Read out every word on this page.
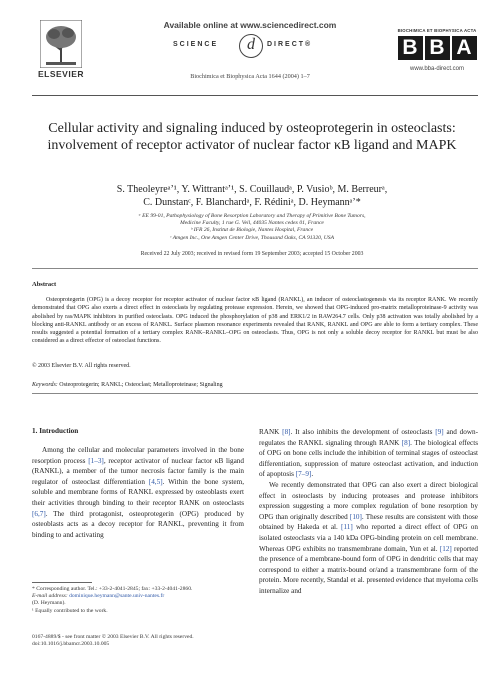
ELSEVIER
Available online at www.sciencedirect.com
SCIENCE	d	DIRECT®
Biochimica et Biophysica Acta 1644 (2004) 1–7
BIOCHIMICA ET BIOPHYSICA ACTA
B B A
www.bba-direct.com
Cellular activity and signaling induced by osteoprotegerin in osteoclasts: involvement of receptor activator of nuclear factor κB ligand and MAPK
S. Theoleyreᵃʼ¹, Y. Wittrantᵃʼ¹, S. Couillaudᵃ, P. Vusioᵇ, M. Berreurᵃ,
C. Dunstanᶜ, F. Blanchardᵃ, F. Rédiniᵃ, D. Heymannᵃʼ*
ᵃ EE 99-01, Pathophysiology of Bone Resorption Laboratory and Therapy of Primitive Bone Tumors,
Medicine Faculty, 1 rue G. Veil, 44035 Nantes cedex 01, France
ᵇ IFR 26, Institut de Biologie, Nantes Hospital, France
ᶜ Amgen Inc., One Amgen Center Drive, Thousand Oaks, CA 91320, USA
Received 22 July 2003; received in revised form 19 September 2003; accepted 15 October 2003
Abstract
Osteoprotegerin (OPG) is a decoy receptor for receptor activator of nuclear factor κB ligand (RANKL), an inducer of osteoclastogenesis via its receptor RANK. We recently demonstrated that OPG also exerts a direct effect in osteoclasts by regulating protease expression. Herein, we showed that OPG-induced pro-matrix metalloproteinase-9 activity was abolished by ras/MAPK inhibitors in purified osteoclasts. OPG induced the phosphorylation of p38 and ERK1/2 in RAW264.7 cells. Only p38 activation was totally abolished by a blocking anti-RANKL antibody or an excess of RANKL. Surface plasmon resonance experiments revealed that RANK, RANKL and OPG are able to form a tertiary complex. These results suggested a potential formation of a tertiary complex RANK–RANKL–OPG on osteoclasts. Thus, OPG is not only a soluble decoy receptor for RANKL but must be also considered as a direct effector of osteoclast functions.
© 2003 Elsevier B.V. All rights reserved.
Keywords: Osteoprotegerin; RANKL; Osteoclast; Metalloproteinase; Signaling
1. Introduction

Among the cellular and molecular parameters involved in the bone resorption process [1–3], receptor activator of nuclear factor κB ligand (RANKL), a member of the tumor necrosis factor family is the main regulator of osteoclast differentiation [4,5]. Within the bone system, soluble and membrane forms of RANKL expressed by osteoblasts exert their activities through binding to their receptor RANK on osteoclasts [6,7]. The third protagonist, osteoprotegerin (OPG) produced by osteoblasts acts as a decoy receptor for RANKL, preventing it from binding to and activating

RANK [8]. It also inhibits the development of osteoclasts [9] and down-regulates the RANKL signaling through RANK [8]. The biological effects of OPG on bone cells include the inhibition of terminal stages of osteoclast differentiation, suppression of mature osteoclast activation, and induction of apoptosis [7–9].

We recently demonstrated that OPG can also exert a direct biological effect in osteoclasts by inducing proteases and protease inhibitors expression suggesting a more complex regulation of bone resorption by OPG than originally described [10]. These results are consistent with those obtained by Hakeda et al. [11] who reported a direct effect of OPG on isolated osteoclasts via a 140 kDa OPG-binding protein on cell membrane. Whereas OPG exhibits no transmembrane domain, Yun et al. [12] reported the presence of a membrane-bound form of OPG in dendritic cells that may correspond to either a matrix-bound or/and a transmembrane form of the protein. More recently, Standal et al. presented evidence that myeloma cells internalize and

* Corresponding author. Tel.: +33-2-4041-2845; fax: +33-2-4041-2860.
E-mail address: dominique.heymann@sante.univ-nantes.fr
(D. Heymann).
¹ Equally contributed to the work.
0167-4889/$ - see front matter © 2003 Elsevier B.V. All rights reserved.
doi:10.1016/j.bbamcr.2003.10.005
